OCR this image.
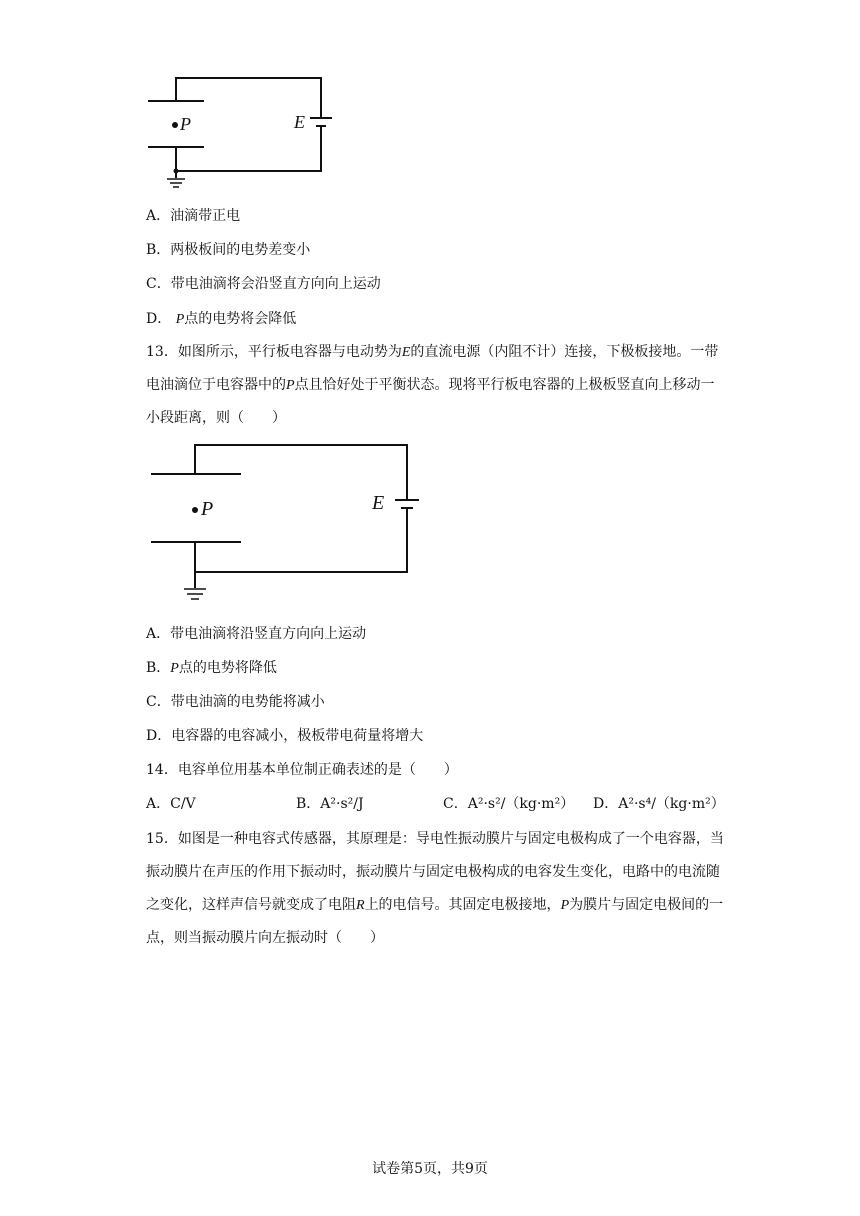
P	E
A．油滴带正电
B．两极板间的电势差变小
C．带电油滴将会沿竖直方向向上运动
D． P点的电势将会降低
13．如图所示，平行板电容器与电动势为E的直流电源（内阻不计）连接，下极板接地。一带电油滴位于电容器中的P点且恰好处于平衡状态。现将平行板电容器的上极板竖直向上移动一小段距离，则（　　）
P	E
A．带电油滴将沿竖直方向向上运动
B．P点的电势将降低
C．带电油滴的电势能将减小
D．电容器的电容减小，极板带电荷量将增大
14．电容单位用基本单位制正确表述的是（　　）
A．C/V	B．A²·s²/J	C．A²·s²/（kg·m²） D．A²·s⁴/（kg·m²）
15．如图是一种电容式传感器，其原理是：导电性振动膜片与固定电极构成了一个电容器，当振动膜片在声压的作用下振动时，振动膜片与固定电极构成的电容发生变化，电路中的电流随之变化，这样声信号就变成了电阻R上的电信号。其固定电极接地，P为膜片与固定电极间的一点，则当振动膜片向左振动时（　　）
试卷第5页，共9页
